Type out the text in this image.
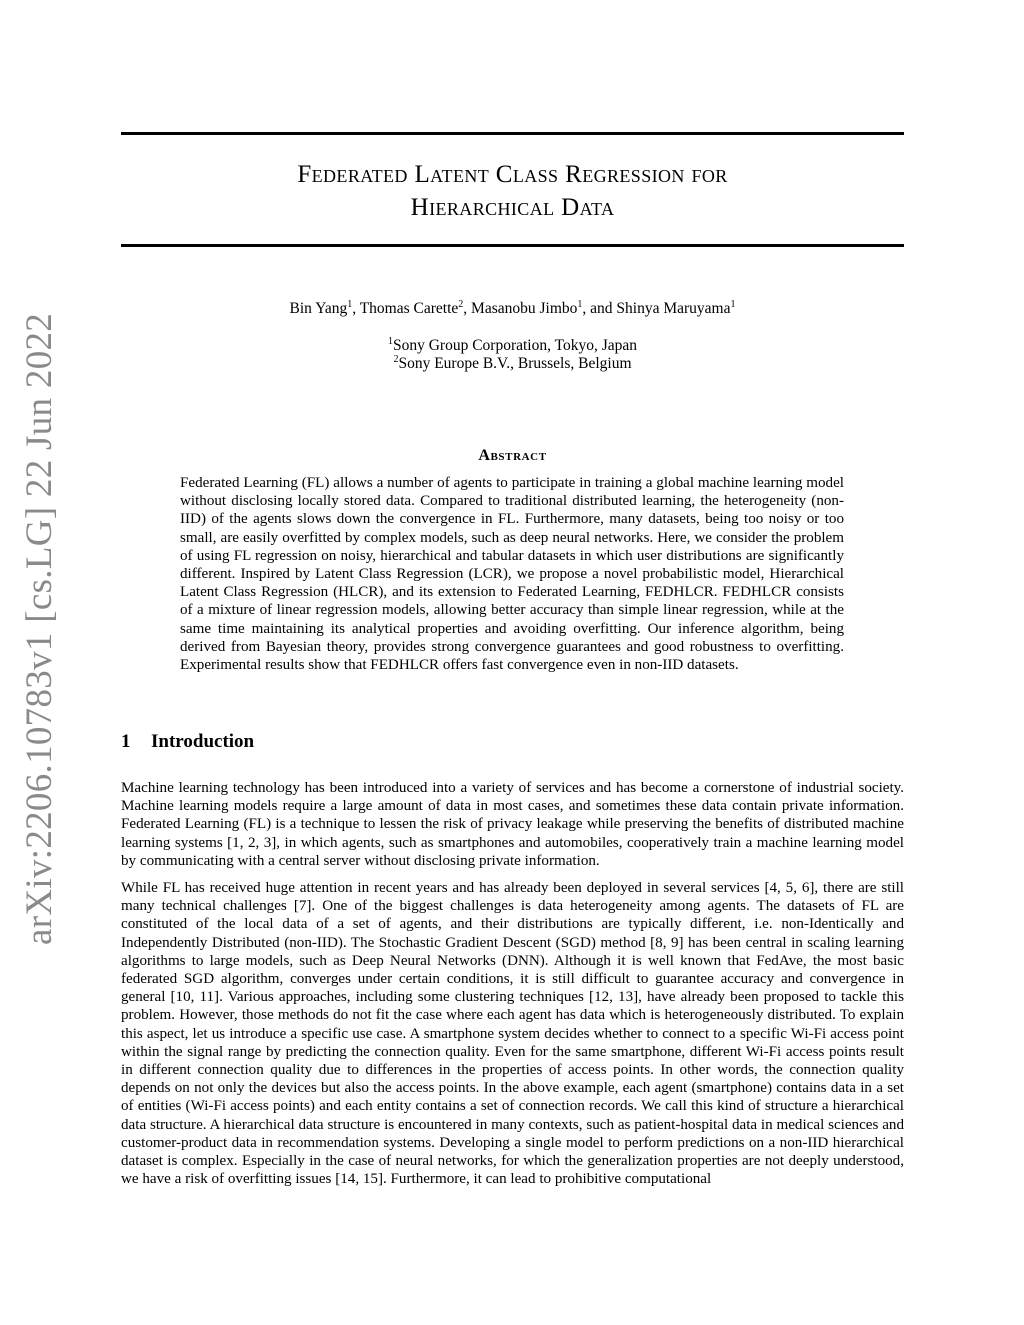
arXiv:2206.10783v1 [cs.LG] 22 Jun 2022
Federated Latent Class Regression for
Hierarchical Data
Bin Yang$^1$, Thomas Carette$^2$, Masanobu Jimbo$^1$, and Shinya Maruyama$^1$
$^1$Sony Group Corporation, Tokyo, Japan
$^2$Sony Europe B.V., Brussels, Belgium
Abstract
Federated Learning (FL) allows a number of agents to participate in training a global machine learning model without disclosing locally stored data. Compared to traditional distributed learning, the heterogeneity (non-IID) of the agents slows down the convergence in FL. Furthermore, many datasets, being too noisy or too small, are easily overfitted by complex models, such as deep neural networks. Here, we consider the problem of using FL regression on noisy, hierarchical and tabular datasets in which user distributions are significantly different. Inspired by Latent Class Regression (LCR), we propose a novel probabilistic model, Hierarchical Latent Class Regression (HLCR), and its extension to Federated Learning, FEDHLCR. FEDHLCR consists of a mixture of linear regression models, allowing better accuracy than simple linear regression, while at the same time maintaining its analytical properties and avoiding overfitting. Our inference algorithm, being derived from Bayesian theory, provides strong convergence guarantees and good robustness to overfitting. Experimental results show that FEDHLCR offers fast convergence even in non-IID datasets.
1 Introduction
Machine learning technology has been introduced into a variety of services and has become a cornerstone of industrial society. Machine learning models require a large amount of data in most cases, and sometimes these data contain private information. Federated Learning (FL) is a technique to lessen the risk of privacy leakage while preserving the benefits of distributed machine learning systems [1, 2, 3], in which agents, such as smartphones and automobiles, cooperatively train a machine learning model by communicating with a central server without disclosing private information.
While FL has received huge attention in recent years and has already been deployed in several services [4, 5, 6], there are still many technical challenges [7]. One of the biggest challenges is data heterogeneity among agents. The datasets of FL are constituted of the local data of a set of agents, and their distributions are typically different, i.e. non-Identically and Independently Distributed (non-IID). The Stochastic Gradient Descent (SGD) method [8, 9] has been central in scaling learning algorithms to large models, such as Deep Neural Networks (DNN). Although it is well known that FedAve, the most basic federated SGD algorithm, converges under certain conditions, it is still difficult to guarantee accuracy and convergence in general [10, 11]. Various approaches, including some clustering techniques [12, 13], have already been proposed to tackle this problem. However, those methods do not fit the case where each agent has data which is heterogeneously distributed. To explain this aspect, let us introduce a specific use case. A smartphone system decides whether to connect to a specific Wi-Fi access point within the signal range by predicting the connection quality. Even for the same smartphone, different Wi-Fi access points result in different connection quality due to differences in the properties of access points. In other words, the connection quality depends on not only the devices but also the access points. In the above example, each agent (smartphone) contains data in a set of entities (Wi-Fi access points) and each entity contains a set of connection records. We call this kind of structure a hierarchical data structure. A hierarchical data structure is encountered in many contexts, such as patient-hospital data in medical sciences and customer-product data in recommendation systems. Developing a single model to perform predictions on a non-IID hierarchical dataset is complex. Especially in the case of neural networks, for which the generalization properties are not deeply understood, we have a risk of overfitting issues [14, 15]. Furthermore, it can lead to prohibitive computational
